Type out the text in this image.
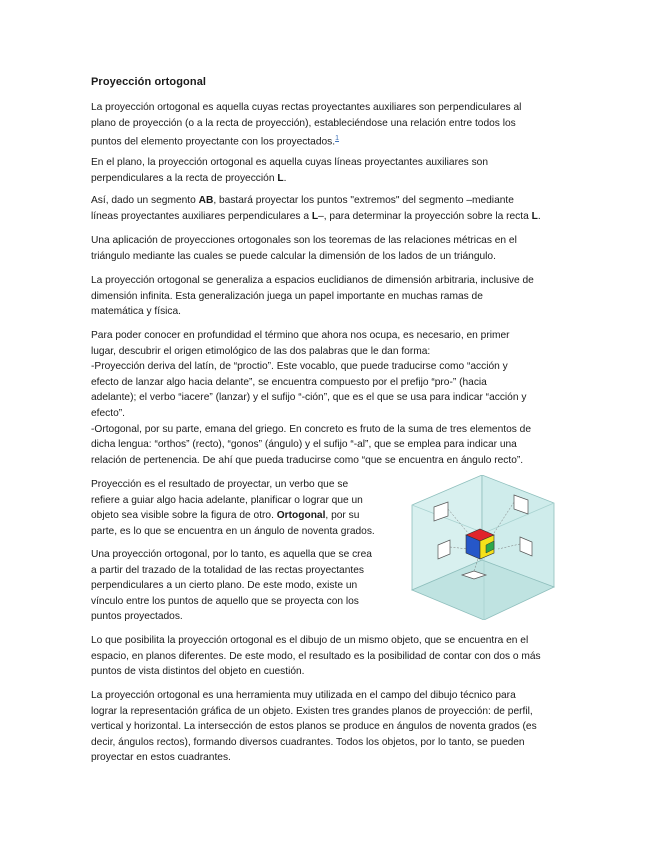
Proyección ortogonal

La proyección ortogonal es aquella cuyas rectas proyectantes auxiliares son perpendiculares al
plano de proyección (o a la recta de proyección), estableciéndose una relación entre todos los
puntos del elemento proyectante con los proyectados.$^1$

En el plano, la proyección ortogonal es aquella cuyas líneas proyectantes auxiliares son
perpendiculares a la recta de proyección L.

Así, dado un segmento AB, bastará proyectar los puntos "extremos" del segmento –mediante
líneas proyectantes auxiliares perpendiculares a L–, para determinar la proyección sobre la recta L.

Una aplicación de proyecciones ortogonales son los teoremas de las relaciones métricas en el
triángulo mediante las cuales se puede calcular la dimensión de los lados de un triángulo.

La proyección ortogonal se generaliza a espacios euclidianos de dimensión arbitraria, inclusive de
dimensión infinita. Esta generalización juega un papel importante en muchas ramas de
matemática y física.

Para poder conocer en profundidad el término que ahora nos ocupa, es necesario, en primer
lugar, descubrir el origen etimológico de las dos palabras que le dan forma:
-Proyección deriva del latín, de “proctio”. Este vocablo, que puede traducirse como “acción y
efecto de lanzar algo hacia delante”, se encuentra compuesto por el prefijo “pro-” (hacia
adelante); el verbo “iacere” (lanzar) y el sufijo “-ción”, que es el que se usa para indicar “acción y
efecto”.
-Ortogonal, por su parte, emana del griego. En concreto es fruto de la suma de tres elementos de
dicha lengua: “orthos” (recto), “gonos” (ángulo) y el sufijo “-al”, que se emplea para indicar una
relación de pertenencia. De ahí que pueda traducirse como “que se encuentra en ángulo recto”.

Proyección es el resultado de proyectar, un verbo que se
refiere a guiar algo hacia adelante, planificar o lograr que un
objeto sea visible sobre la figura de otro. Ortogonal, por su
parte, es lo que se encuentra en un ángulo de noventa grados.

Una proyección ortogonal, por lo tanto, es aquella que se crea
a partir del trazado de la totalidad de las rectas proyectantes
perpendiculares a un cierto plano. De este modo, existe un
vínculo entre los puntos de aquello que se proyecta con los
puntos proyectados.

Lo que posibilita la proyección ortogonal es el dibujo de un mismo objeto, que se encuentra en el
espacio, en planos diferentes. De este modo, el resultado es la posibilidad de contar con dos o más
puntos de vista distintos del objeto en cuestión.

La proyección ortogonal es una herramienta muy utilizada en el campo del dibujo técnico para
lograr la representación gráfica de un objeto. Existen tres grandes planos de proyección: de perfil,
vertical y horizontal. La intersección de estos planos se produce en ángulos de noventa grados (es
decir, ángulos rectos), formando diversos cuadrantes. Todos los objetos, por lo tanto, se pueden
proyectar en estos cuadrantes.
